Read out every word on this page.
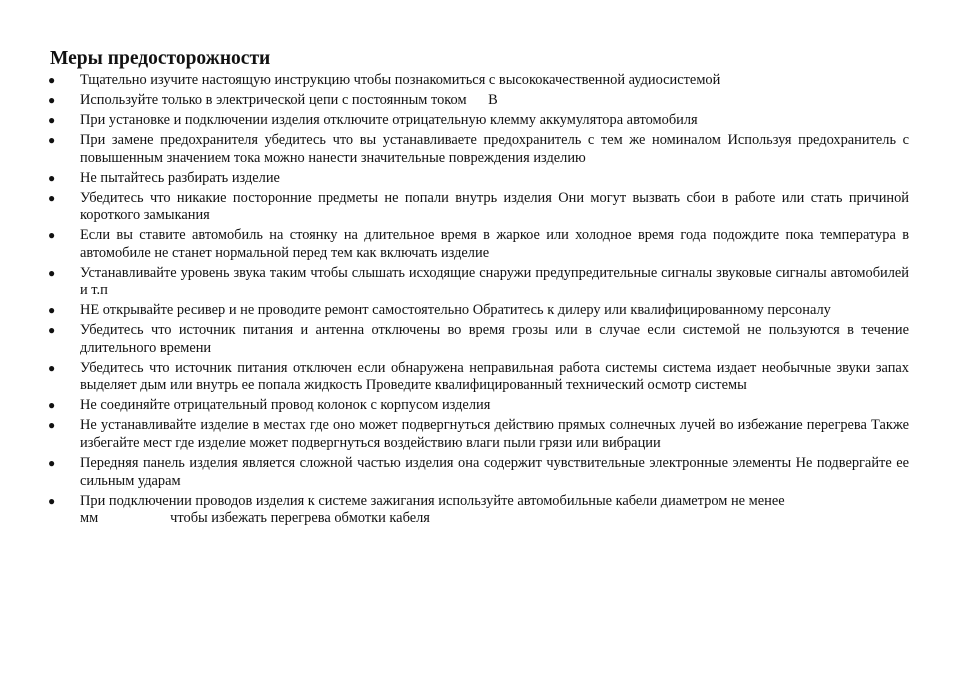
Меры предосторожности
● Тщательно изучите настоящую инструкцию чтобы познакомиться с высококачественной аудиосистемой
● Используйте только в электрической цепи с постоянным током      В
● При установке и подключении изделия отключите отрицательную клемму аккумулятора автомобиля
● При замене предохранителя убедитесь что вы устанавливаете предохранитель с тем же номиналом Используя предохранитель с повышенным значением тока можно нанести значительные повреждения изделию
● Не пытайтесь разбирать изделие
● Убедитесь что никакие посторонние предметы не попали внутрь изделия Они могут вызвать сбои в работе или стать причиной короткого замыкания
● Если вы ставите автомобиль на стоянку на длительное время в жаркое или холодное время года подождите пока температура в автомобиле не станет нормальной перед тем как включать изделие
● Устанавливайте уровень звука таким чтобы слышать исходящие снаружи предупредительные сигналы звуковые сигналы автомобилей и т.п
● НЕ открывайте ресивер и не проводите ремонт самостоятельно Обратитесь к дилеру или квалифицированному персоналу
● Убедитесь что источник питания и антенна отключены во время грозы или в случае если системой не пользуются в течение длительного времени
● Убедитесь что источник питания отключен если обнаружена неправильная работа системы система издает необычные звуки запах выделяет дым или внутрь ее попала жидкость Проведите квалифицированный технический осмотр системы
● Не соединяйте отрицательный провод колонок с корпусом изделия
● Не устанавливайте изделие в местах где оно может подвергнуться действию прямых солнечных лучей во избежание перегрева Также избегайте мест где изделие может подвергнуться воздействию влаги пыли грязи или вибрации
● Передняя панель изделия является сложной частью изделия она содержит чувствительные электронные элементы Не подвергайте ее сильным ударам
● При подключении проводов изделия к системе зажигания используйте автомобильные кабели диаметром не менее
мм                    чтобы избежать перегрева обмотки кабеля
